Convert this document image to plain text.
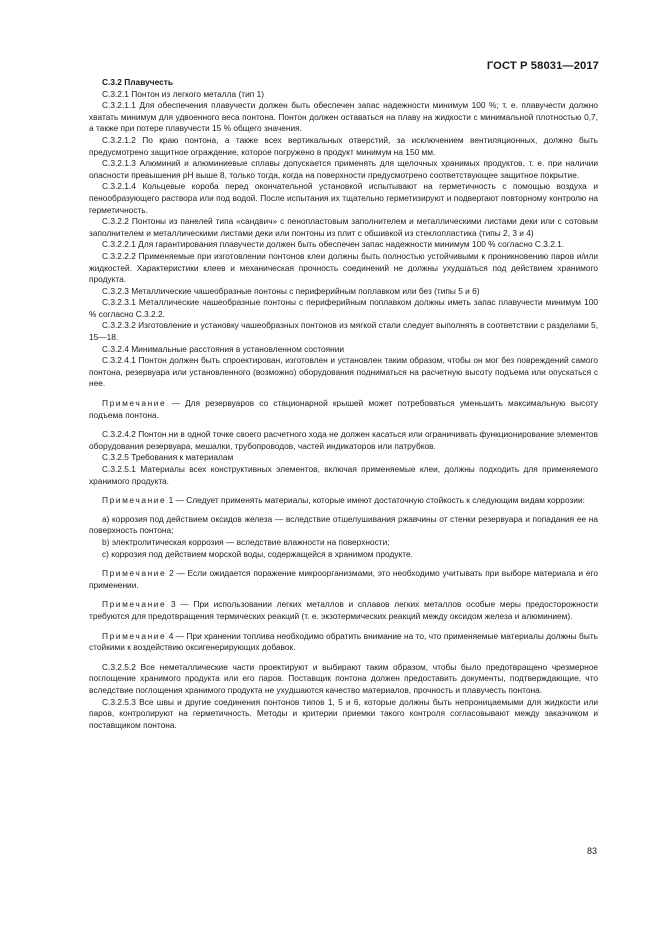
ГОСТ Р 58031—2017

С.3.2 Плавучесть

С.3.2.1 Понтон из легкого металла (тип 1)

С.3.2.1.1 Для обеспечения плавучести должен быть обеспечен запас надежности минимум 100 %; т. е. плавучести должно хватать минимум для удвоенного веса понтона. Понтон должен оставаться на плаву на жидкости с минимальной плотностью 0,7, а также при потере плавучести 15 % общего значения.

С.3.2.1.2 По краю понтона, а также всех вертикальных отверстий, за исключением вентиляционных, должно быть предусмотрено защитное ограждение, которое погружено в продукт минимум на 150 мм.

С.3.2.1.3 Алюминий и алюминиевые сплавы допускается применять для щелочных хранимых продуктов, т. е. при наличии опасности превышения pH выше 8, только тогда, когда на поверхности предусмотрено соответствующее защитное покрытие.

С.3.2.1.4 Кольцевые короба перед окончательной установкой испытывают на герметичность с помощью воздуха и пенообразующего раствора или под водой. После испытания их тщательно герметизируют и подвергают повторному контролю на герметичность.

С.3.2.2 Понтоны из панелей типа «сандвич» с пенопластовым заполнителем и металлическими листами деки или с сотовым заполнителем и металлическими листами деки или понтоны из плит с обшивкой из стеклопластика (типы 2, 3 и 4)

С.3.2.2.1 Для гарантирования плавучести должен быть обеспечен запас надежности минимум 100 % согласно С.3.2.1.

С.3.2.2.2 Применяемые при изготовлении понтонов клеи должны быть полностью устойчивыми к проникновению паров и/или жидкостей. Характеристики клеев и механическая прочность соединений не должны ухудшаться под действием хранимого продукта.

С.3.2.3 Металлические чашеобразные понтоны с периферийным поплавком или без (типы 5 и 6)

С.3.2.3.1 Металлические чашеобразные понтоны с периферийным поплавком должны иметь запас плавучести минимум 100 % согласно С.3.2.2.

С.3.2.3.2 Изготовление и установку чашеобразных понтонов из мягкой стали следует выполнять в соответствии с разделами 5, 15—18.

С.3.2.4 Минимальные расстояния в установленном состоянии

С.3.2.4.1 Понтон должен быть спроектирован, изготовлен и установлен таким образом, чтобы он мог без повреждений самого понтона, резервуара или установленного (возможно) оборудования подниматься на расчетную высоту подъема или опускаться с нее.

Примечание — Для резервуаров со стационарной крышей может потребоваться уменьшить максимальную высоту подъема понтона.

С.3.2.4.2 Понтон ни в одной точке своего расчетного хода не должен касаться или ограничивать функционирование элементов оборудования резервуара, мешалки, трубопроводов, частей индикаторов или патрубков.

С.3.2.5 Требования к материалам

С.3.2.5.1 Материалы всех конструктивных элементов, включая применяемые клеи, должны подходить для применяемого хранимого продукта.

Примечание 1 — Следует применять материалы, которые имеют достаточную стойкость к следующим видам коррозии:

a) коррозия под действием оксидов железа — вследствие отшелушивания ржавчины от стенки резервуара и попадания ее на поверхность понтона;

b) электролитическая коррозия — вследствие влажности на поверхности;

c) коррозия под действием морской воды, содержащейся в хранимом продукте.

Примечание 2 — Если ожидается поражение микроорганизмами, это необходимо учитывать при выборе материала и его применении.

Примечание 3 — При использовании легких металлов и сплавов легких металлов особые меры предосторожности требуются для предотвращения термических реакций (т. е. экзотермических реакций между оксидом железа и алюминием).

Примечание 4 — При хранении топлива необходимо обратить внимание на то, что применяемые материалы должны быть стойкими к воздействию оксигенерирующих добавок.

С.3.2.5.2 Все неметаллические части проектируют и выбирают таким образом, чтобы было предотвращено чрезмерное поглощение хранимого продукта или его паров. Поставщик понтона должен предоставить документы, подтверждающие, что вследствие поглощения хранимого продукта не ухудшаются качество материалов, прочность и плавучесть понтона.

С.3.2.5.3 Все швы и другие соединения понтонов типов 1, 5 и 6, которые должны быть непроницаемыми для жидкости или паров, контролируют на герметичность. Методы и критерии приемки такого контроля согласовывают между заказчиком и поставщиком понтона.

83
